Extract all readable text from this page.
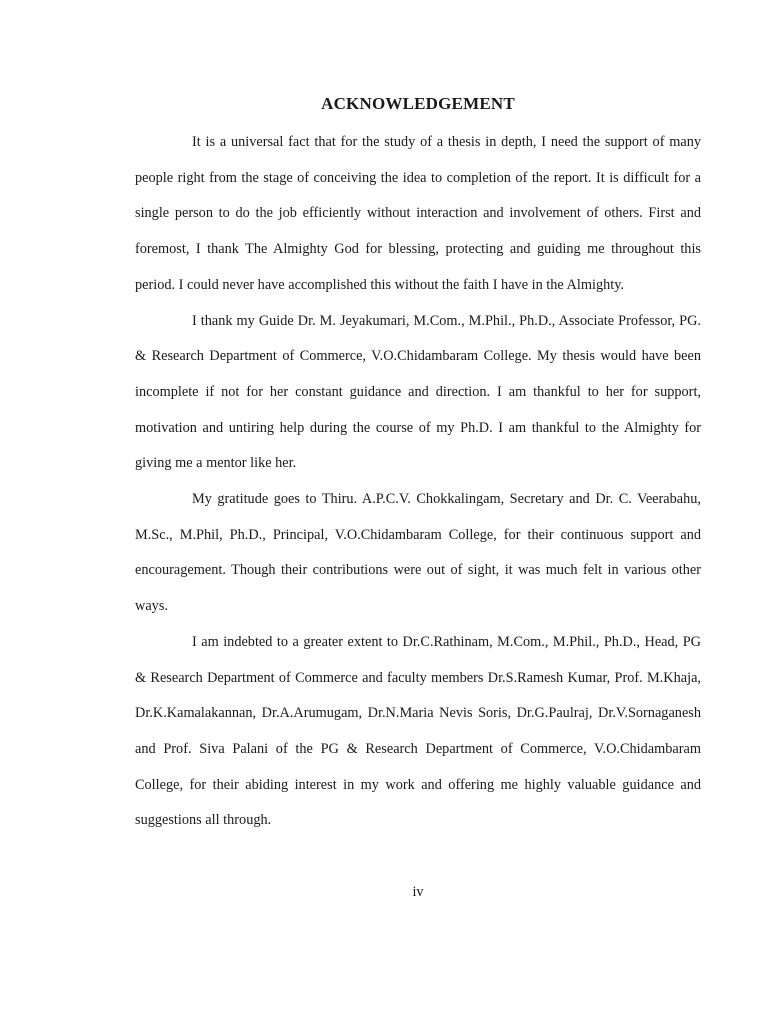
ACKNOWLEDGEMENT

It is a universal fact that for the study of a thesis in depth, I need the support of many people right from the stage of conceiving the idea to completion of the report. It is difficult for a single person to do the job efficiently without interaction and involvement of others. First and foremost, I thank The Almighty God for blessing, protecting and guiding me throughout this period. I could never have accomplished this without the faith I have in the Almighty.

I thank my Guide Dr. M. Jeyakumari, M.Com., M.Phil., Ph.D., Associate Professor, PG. & Research Department of Commerce, V.O.Chidambaram College. My thesis would have been incomplete if not for her constant guidance and direction. I am thankful to her for support, motivation and untiring help during the course of my Ph.D. I am thankful to the Almighty for giving me a mentor like her.

My gratitude goes to Thiru. A.P.C.V. Chokkalingam, Secretary and Dr. C. Veerabahu, M.Sc., M.Phil, Ph.D., Principal, V.O.Chidambaram College, for their continuous support and encouragement. Though their contributions were out of sight, it was much felt in various other ways.

I am indebted to a greater extent to Dr.C.Rathinam, M.Com., M.Phil., Ph.D., Head, PG & Research Department of Commerce and faculty members Dr.S.Ramesh Kumar, Prof. M.Khaja, Dr.K.Kamalakannan, Dr.A.Arumugam, Dr.N.Maria Nevis Soris, Dr.G.Paulraj, Dr.V.Sornaganesh and Prof. Siva Palani of the PG & Research Department of Commerce, V.O.Chidambaram College, for their abiding interest in my work and offering me highly valuable guidance and suggestions all through.

iv
